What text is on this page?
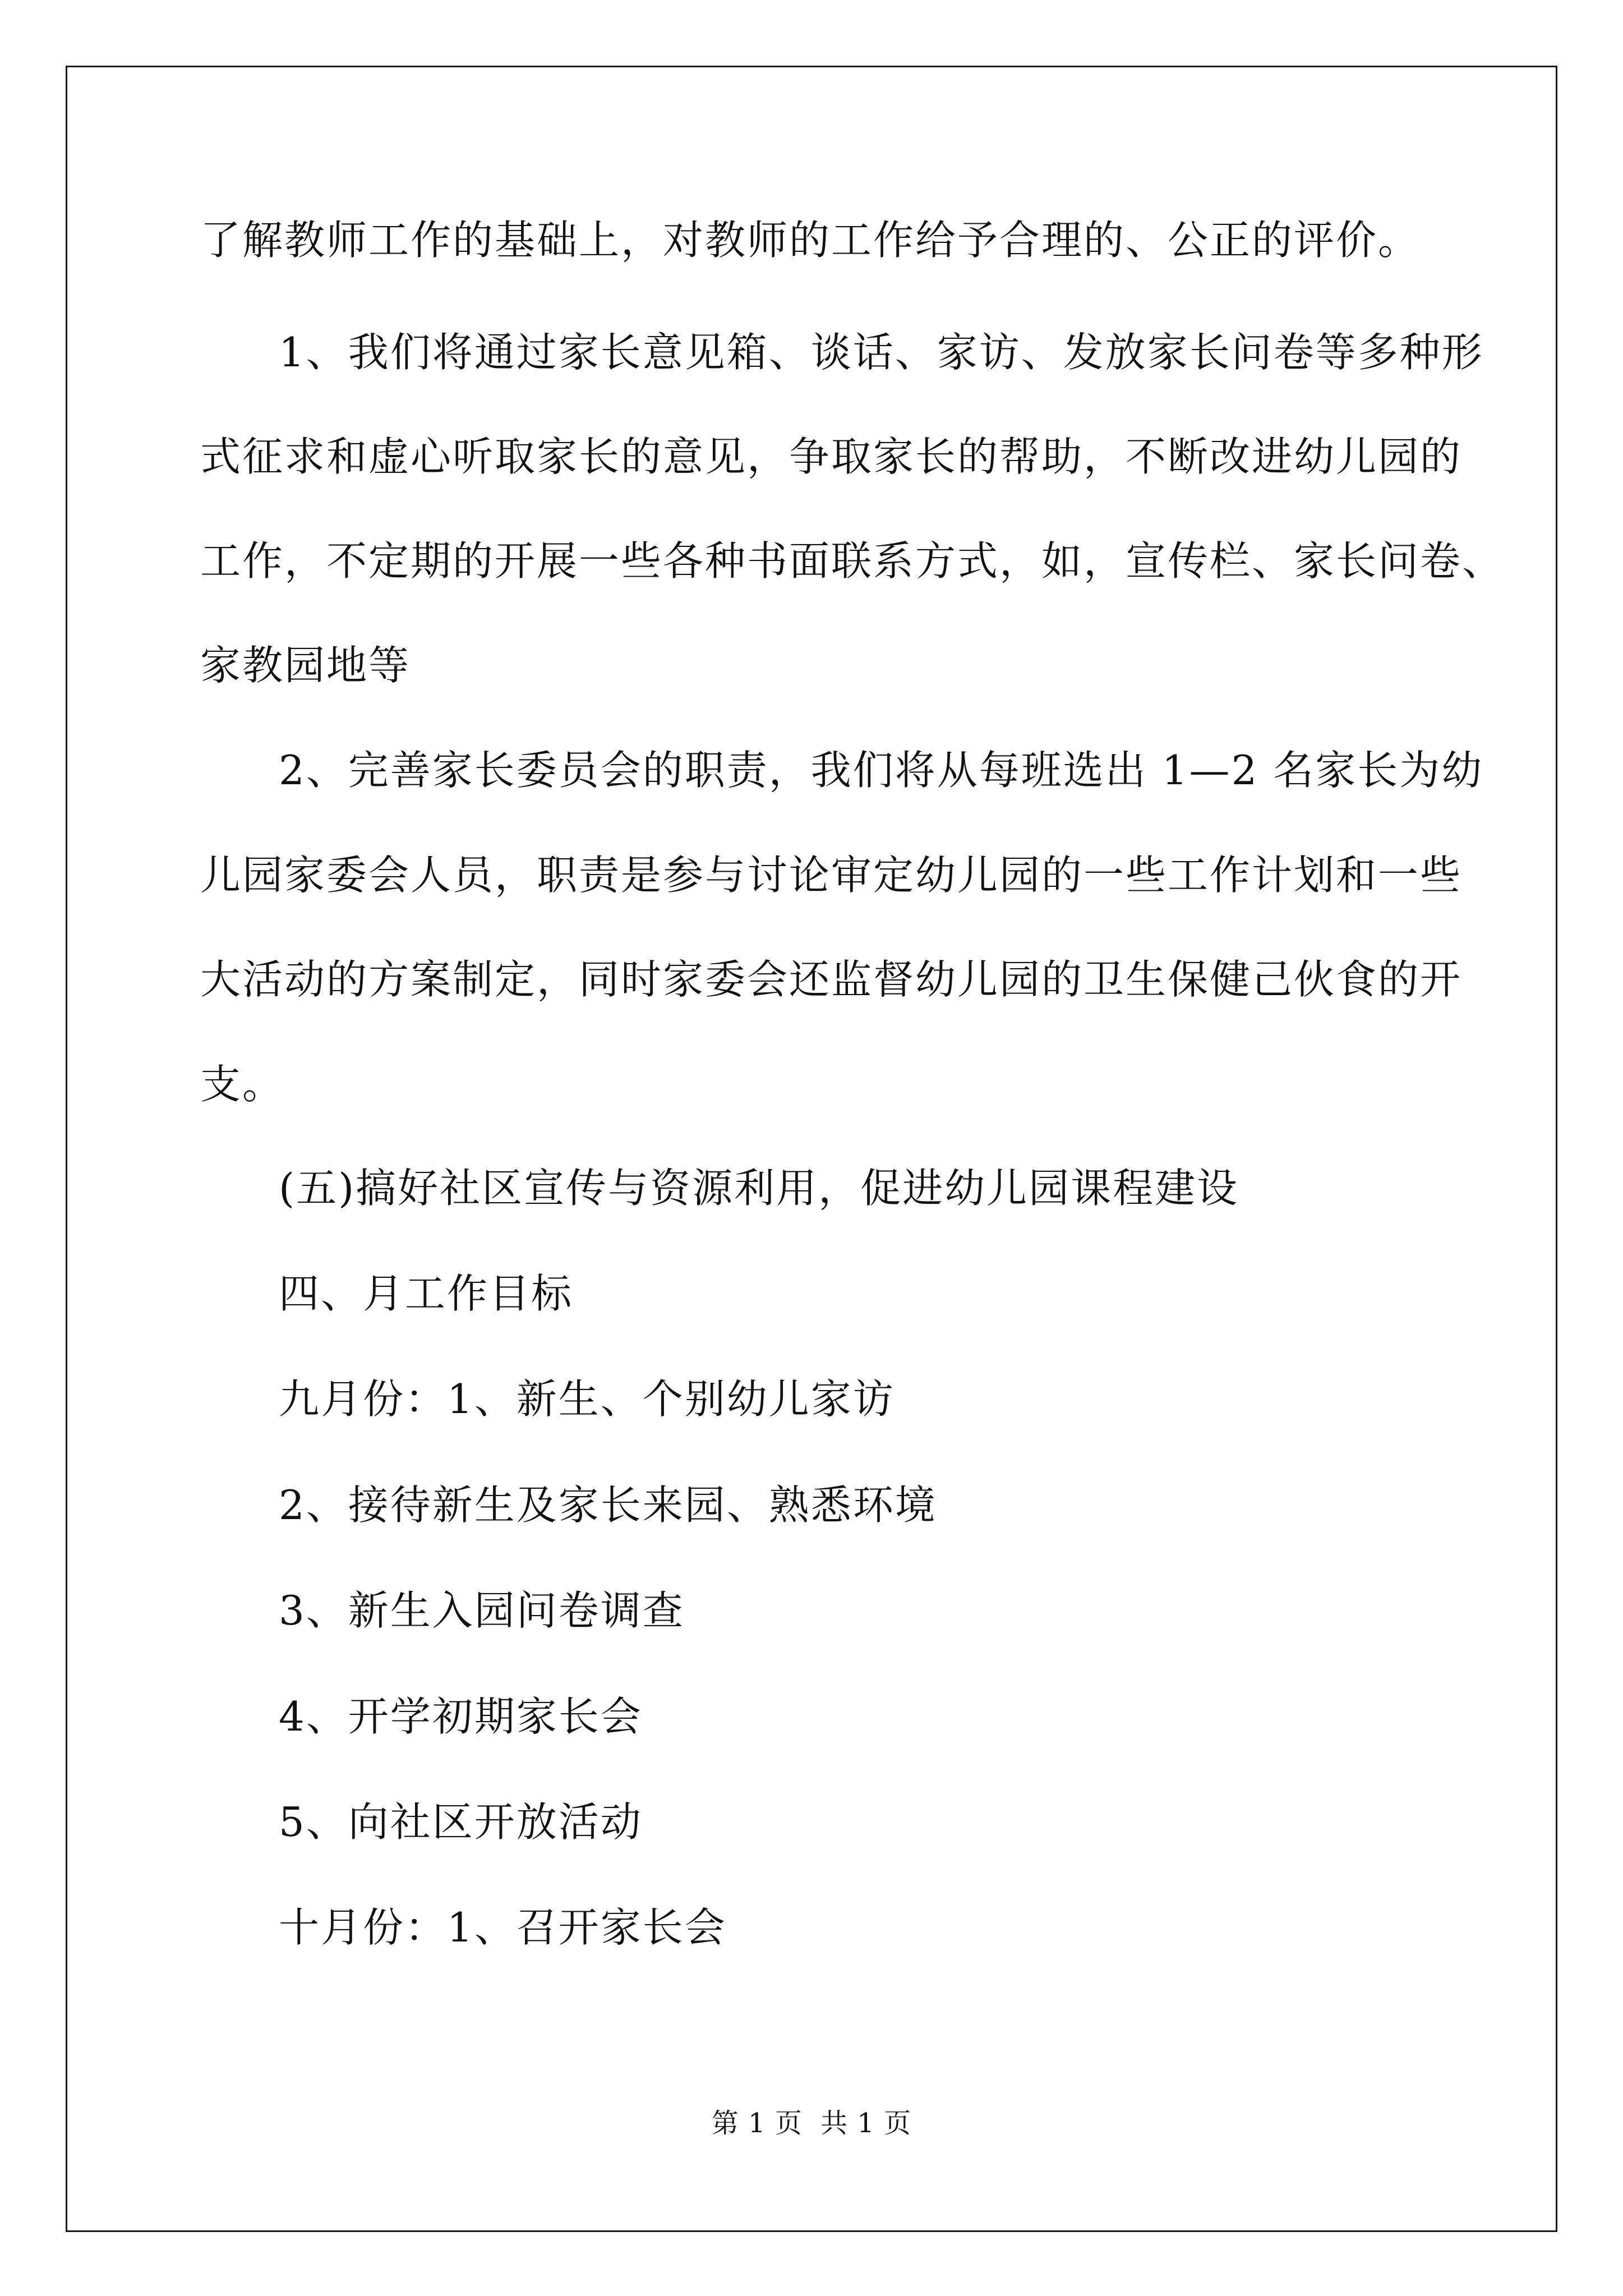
了解教师工作的基础上，对教师的工作给予合理的、公正的评价。

1、我们将通过家长意见箱、谈话、家访、发放家长问卷等多种形

式征求和虚心听取家长的意见，争取家长的帮助，不断改进幼儿园的

工作，不定期的开展一些各种书面联系方式，如，宣传栏、家长问卷、

家教园地等

2、完善家长委员会的职责，我们将从每班选出 1—2 名家长为幼

儿园家委会人员，职责是参与讨论审定幼儿园的一些工作计划和一些

大活动的方案制定，同时家委会还监督幼儿园的卫生保健己伙食的开

支。

(五)搞好社区宣传与资源利用，促进幼儿园课程建设

四、月工作目标

九月份：1、新生、个别幼儿家访

2、接待新生及家长来园、熟悉环境

3、新生入园问卷调查

4、开学初期家长会

5、向社区开放活动

十月份：1、召开家长会

第 1 页 共 1 页
